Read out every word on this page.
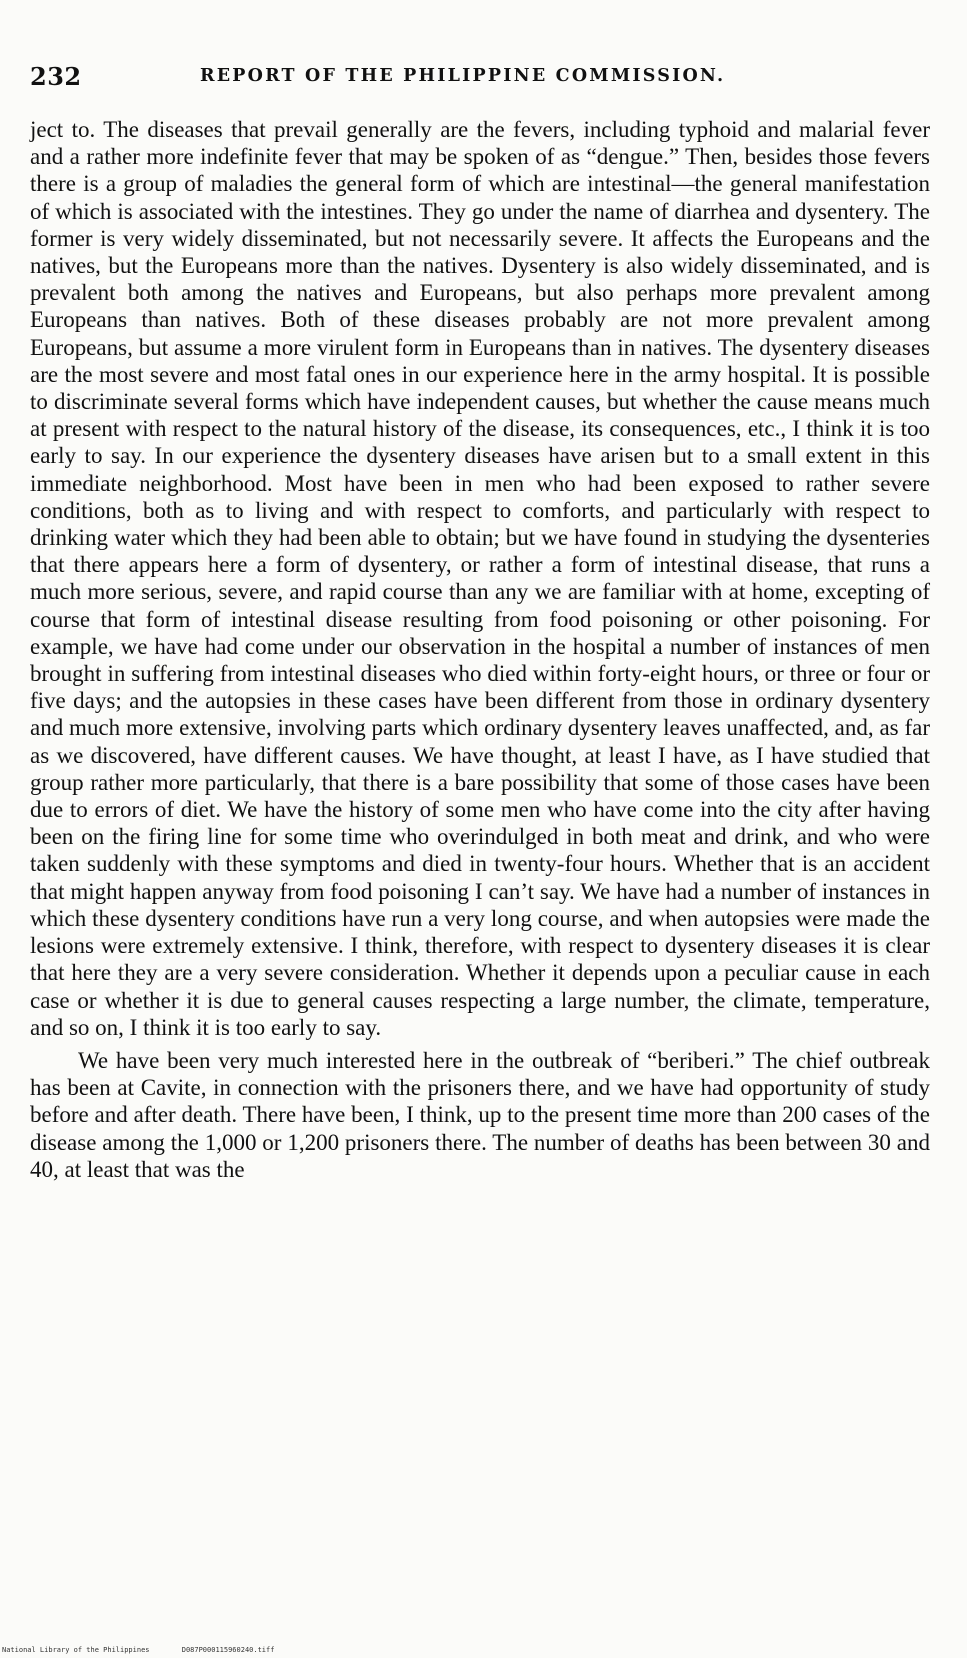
232	REPORT OF THE PHILIPPINE COMMISSION.

ject to. The diseases that prevail generally are the fevers, including typhoid and malarial fever and a rather more indefinite fever that may be spoken of as “dengue.” Then, besides those fevers there is a group of maladies the general form of which are intestinal—the general manifestation of which is associated with the intestines. They go under the name of diarrhea and dysentery. The former is very widely disseminated, but not necessarily severe. It affects the Europeans and the natives, but the Europeans more than the natives. Dysentery is also widely disseminated, and is prevalent both among the natives and Europeans, but also perhaps more prevalent among Europeans than natives. Both of these diseases probably are not more prevalent among Europeans, but assume a more virulent form in Europeans than in natives. The dysentery diseases are the most severe and most fatal ones in our experience here in the army hospital. It is possible to discriminate several forms which have independent causes, but whether the cause means much at present with respect to the natural history of the disease, its consequences, etc., I think it is too early to say. In our experience the dysentery diseases have arisen but to a small extent in this immediate neighborhood. Most have been in men who had been exposed to rather severe conditions, both as to living and with respect to comforts, and particularly with respect to drinking water which they had been able to obtain; but we have found in studying the dysenteries that there appears here a form of dysentery, or rather a form of intestinal disease, that runs a much more serious, severe, and rapid course than any we are familiar with at home, excepting of course that form of intestinal disease resulting from food poisoning or other poisoning. For example, we have had come under our observation in the hospital a number of instances of men brought in suffering from intestinal diseases who died within forty-eight hours, or three or four or five days; and the autopsies in these cases have been different from those in ordinary dysentery and much more extensive, involving parts which ordinary dysentery leaves unaffected, and, as far as we discovered, have different causes. We have thought, at least I have, as I have studied that group rather more particularly, that there is a bare possibility that some of those cases have been due to errors of diet. We have the history of some men who have come into the city after having been on the firing line for some time who overindulged in both meat and drink, and who were taken suddenly with these symptoms and died in twenty-four hours. Whether that is an accident that might happen anyway from food poisoning I can’t say. We have had a number of instances in which these dysentery conditions have run a very long course, and when autopsies were made the lesions were extremely extensive. I think, therefore, with respect to dysentery diseases it is clear that here they are a very severe consideration. Whether it depends upon a peculiar cause in each case or whether it is due to general causes respecting a large number, the climate, temperature, and so on, I think it is too early to say.

We have been very much interested here in the outbreak of “beriberi.” The chief outbreak has been at Cavite, in connection with the prisoners there, and we have had opportunity of study before and after death. There have been, I think, up to the present time more than 200 cases of the disease among the 1,000 or 1,200 prisoners there. The number of deaths has been between 30 and 40, at least that was the

National Library of the Philippines	D087P000115960240.tiff
